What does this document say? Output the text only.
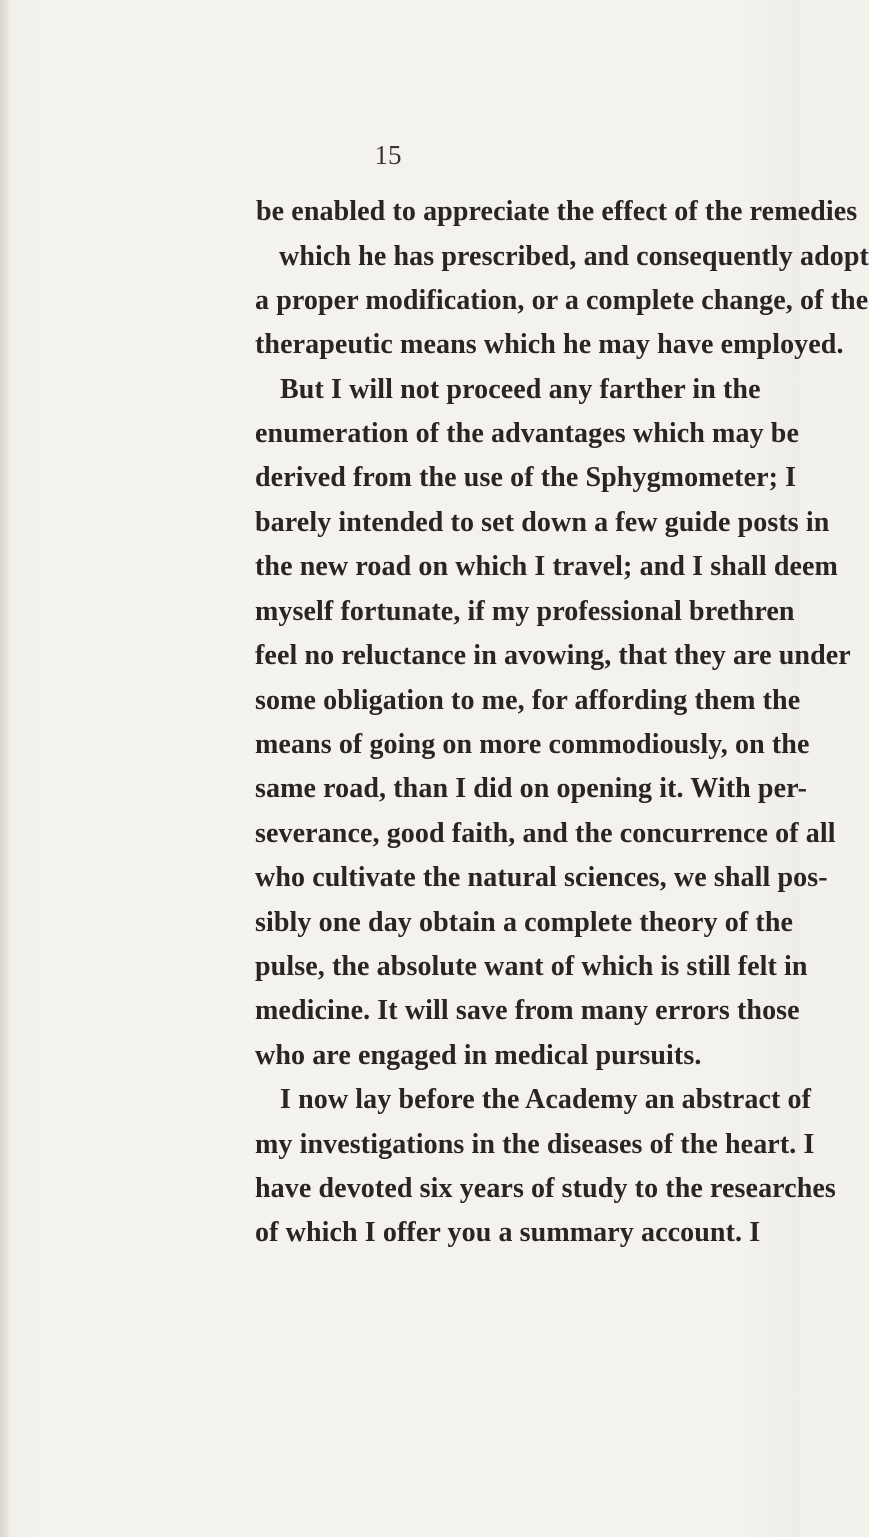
15
be enabled to appreciate the effect of the remedies
which he has prescribed, and consequently adopt
a proper modification, or a complete change, of the
therapeutic means which he may have employed.
But I will not proceed any farther in the
enumeration of the advantages which may be
derived from the use of the Sphygmometer; I
barely intended to set down a few guide posts in
the new road on which I travel; and I shall deem
myself fortunate, if my professional brethren
feel no reluctance in avowing, that they are under
some obligation to me, for affording them the
means of going on more commodiously, on the
same road, than I did on opening it. With per-
severance, good faith, and the concurrence of all
who cultivate the natural sciences, we shall pos-
sibly one day obtain a complete theory of the
pulse, the absolute want of which is still felt in
medicine. It will save from many errors those
who are engaged in medical pursuits.
I now lay before the Academy an abstract of
my investigations in the diseases of the heart. I
have devoted six years of study to the researches
of which I offer you a summary account. I
